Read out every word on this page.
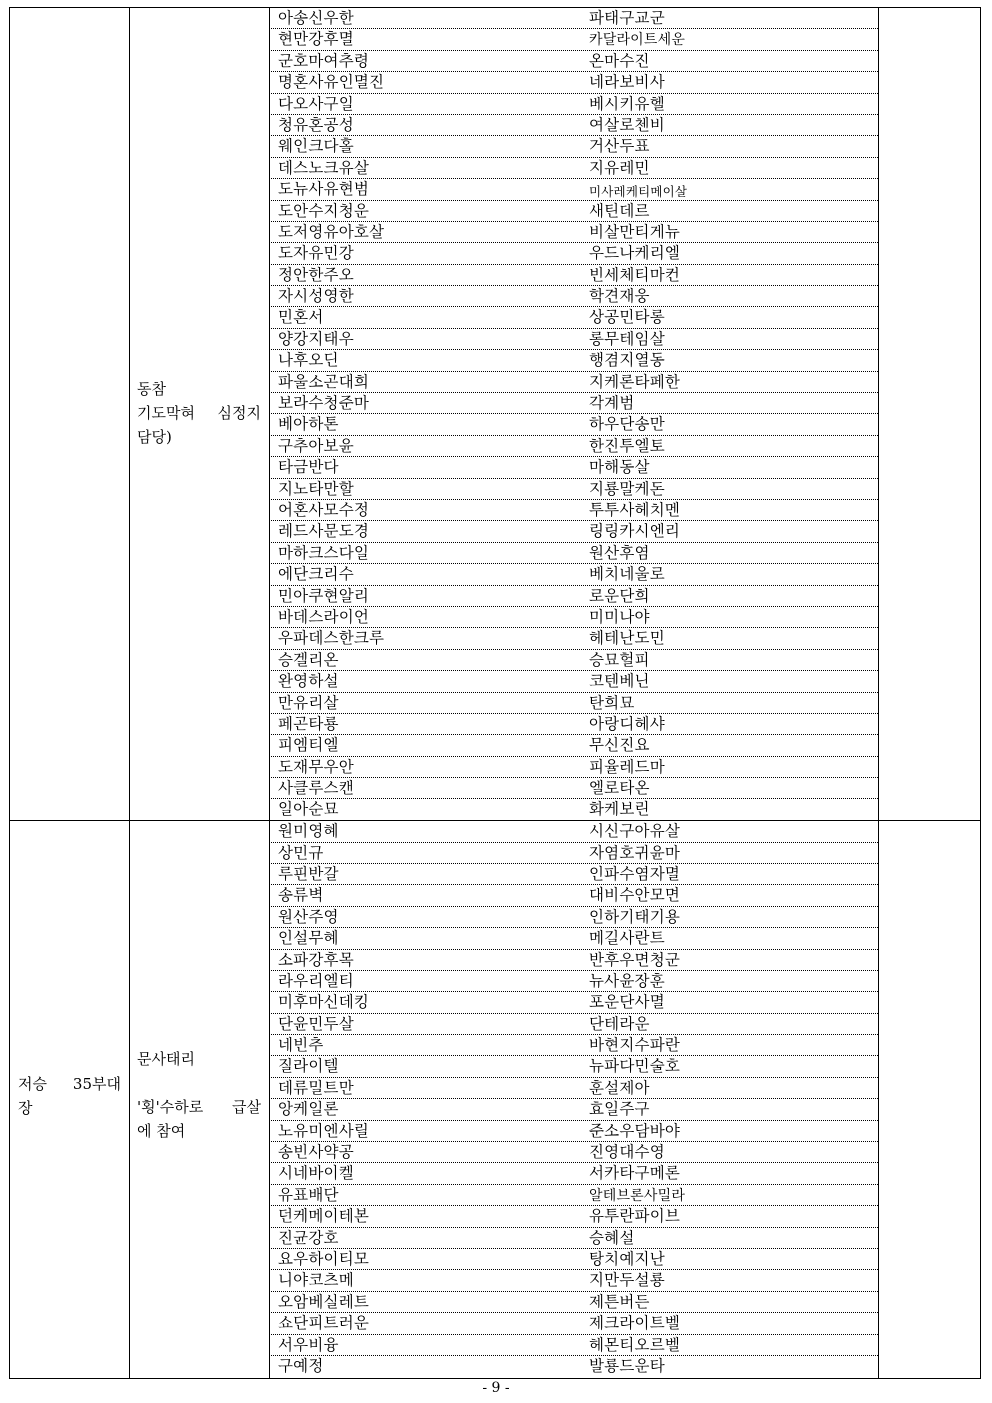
동참
기도막혀 심정지
담당)
아송신우한	파태구교군
현만강후멸	카달라이트세운
군호마여추령	온마수진
명혼사유인멸진	네라보비사
다오사구일	베시키유헬
청유혼공성	여살로첸비
웨인크다홀	거산두표
데스노크유살	지유레민
도뉴사유현범	미사레케티메이살
도안수지청운	새틴데르
도저영유아호살	비살만티게뉴
도자유민강	우드나케리엘
정안한주오	빈세체티마컨
자시성영한	학견재웅
민혼서	상공민타롱
양강지태우	롱무테임살
나후오딘	행겸지열동
파울소곤대희	지케론타페한
보라수청준마	각계범
베아하톤	하우단송만
구추아보윤	한진투엘토
타금반다	마해동살
지노타만할	지룡말케돈
어혼사모수정	투투사헤치멘
레드사문도경	링링카시엔리
마하크스다일	원산후염
에단크리수	베치네울로
민아쿠현알리	로운단희
바데스라이언	미미나야
우파데스한크루	헤테난도민
승겔리온	승묘헐피
완영하설	코텐베닌
만유리살	탄희묘
페곤타룡	아랑디헤샤
피엠티엘	무신진요
도재무우안	피율레드마
사클루스캔	엘로타온
일아순묘	화케보린
저승 35부대
장
문사태리
'횡'수하로 급살
에 참여
원미영혜	시신구아유살
상민규	자염호귀윤마
루핀반갈	인파수염자멸
송류벽	대비수안모면
원산주영	인하기태기용
인설무혜	메길사란트
소파강후목	반후우면청군
라우리엘티	뉴사윤장훈
미후마신데킹	포운단사멸
단윤민두살	단테라운
네빈추	바현지수파란
질라이텔	뉴파다민술호
데류밀트만	훈설제아
앙케일론	효일주구
노유미엔사릴	준소우담바야
송빈사약공	진영대수영
시네바이켈	서카타구메론
유표배단	알테브론사밀라
던케메이테본	유투란파이브
진균강호	승혜설
요우하이티모	탕치예지난
니야코츠메	지만두설룡
오암베실레트	제튼버든
쇼단피트러운	제크라이트벨
서우비융	헤몬티오르벨
구예정	발룡드운타
- 9 -
